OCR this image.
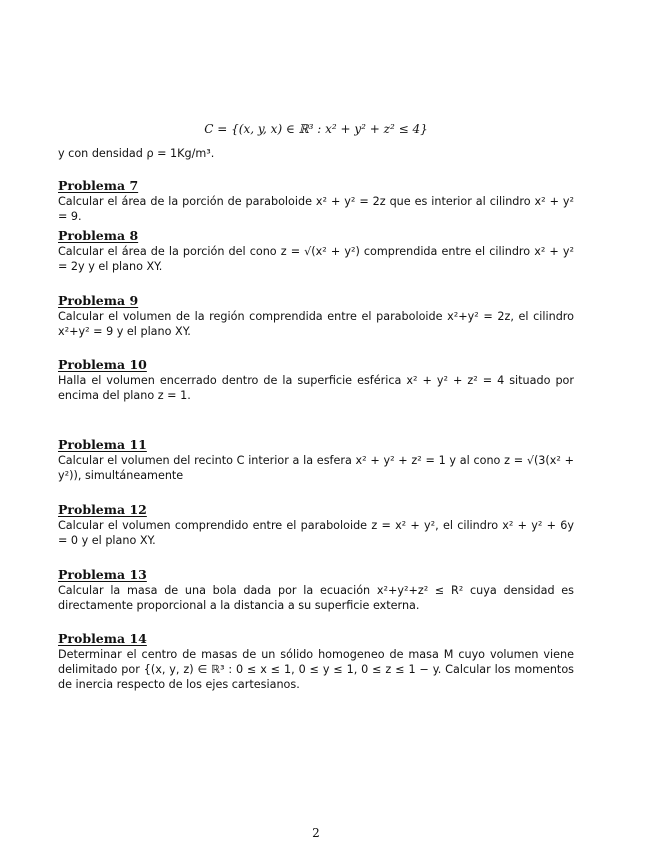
C = {(x, y, x) ∈ ℝ³ : x² + y² + z² ≤ 4}
y con densidad ρ = 1Kg/m³.
Problema 7
Calcular el área de la porción de paraboloide x² + y² = 2z que es interior al cilindro x² + y² = 9.
Problema 8
Calcular el área de la porción del cono z = √(x² + y²) comprendida entre el cilindro x² + y² = 2y y el plano XY.
Problema 9
Calcular el volumen de la región comprendida entre el paraboloide x²+y² = 2z, el cilindro x²+y² = 9 y el plano XY.
Problema 10
Halla el volumen encerrado dentro de la superficie esférica x² + y² + z² = 4 situado por encima del plano z = 1.
Problema 11
Calcular el volumen del recinto C interior a la esfera x² + y² + z² = 1 y al cono z = √(3(x² + y²)), simultáneamente
Problema 12
Calcular el volumen comprendido entre el paraboloide z = x² + y², el cilindro x² + y² + 6y = 0 y el plano XY.
Problema 13
Calcular la masa de una bola dada por la ecuación x²+y²+z² ≤ R² cuya densidad es directamente proporcional a la distancia a su superficie externa.
Problema 14
Determinar el centro de masas de un sólido homogeneo de masa M cuyo volumen viene delimitado por {(x, y, z) ∈ ℝ³ : 0 ≤ x ≤ 1, 0 ≤ y ≤ 1, 0 ≤ z ≤ 1 − y. Calcular los momentos de inercia respecto de los ejes cartesianos.
2
